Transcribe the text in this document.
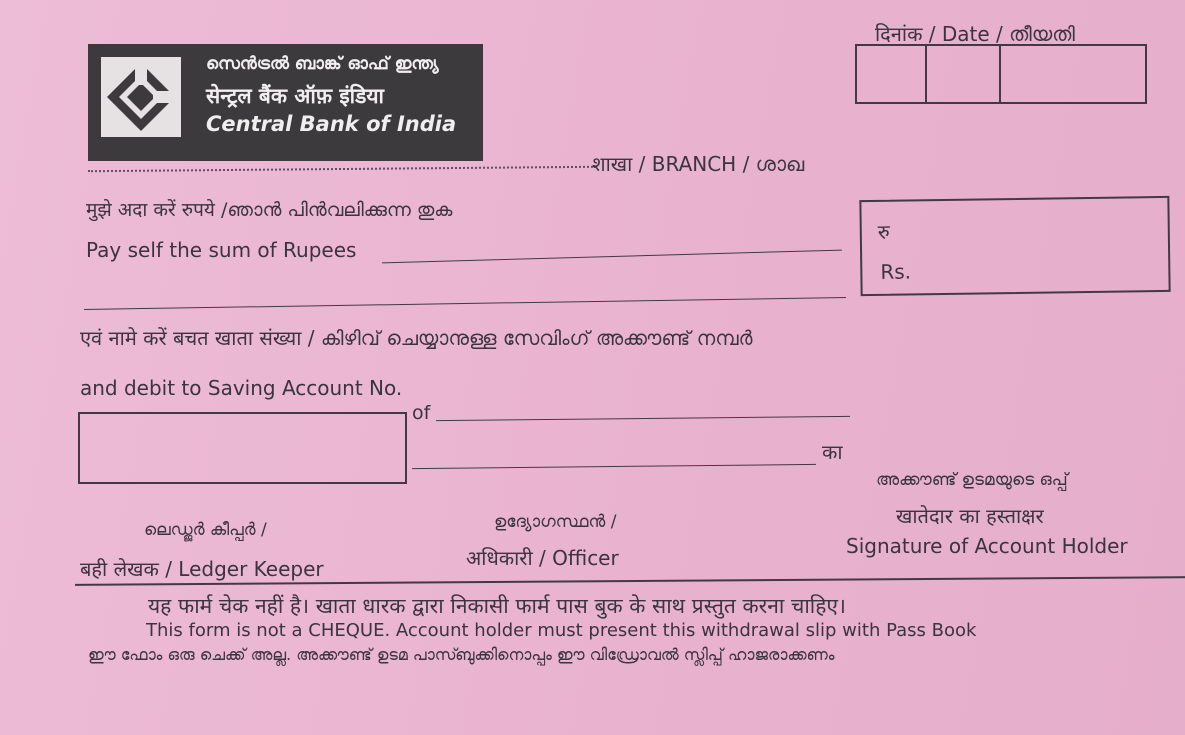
സെൻട്രൽ ബാങ്ക് ഓഫ് ഇന്ത്യ
सेन्ट्रल बैंक ऑफ़ इंडिया
Central Bank of India
दिनांक / Date / തീയതി
शाखा / BRANCH / ശാഖ
मुझे अदा करें रुपये /ഞാൻ പിൻവലിക്കുന്ന തുക
Pay self the sum of Rupees
रु
Rs.
एवं नामे करें बचत खाता संख्या / കിഴിവ് ചെയ്യാനുള്ള സേവിംഗ് അക്കൗണ്ട് നമ്പർ
and debit to Saving Account No.
of
का
ലെഡ്ജർ കീപ്പർ /
बही लेखक / Ledger Keeper
ഉദ്യോഗസ്ഥൻ /
अधिकारी / Officer
അക്കൗണ്ട് ഉടമയുടെ ഒപ്പ്
खातेदार का हस्ताक्षर
Signature of Account Holder
यह फार्म चेक नहीं है। खाता धारक द्वारा निकासी फार्म पास बुक के साथ प्रस्तुत करना चाहिए।
This form is not a CHEQUE. Account holder must present this withdrawal slip with Pass Book
ഈ ഫോം ഒരു ചെക്ക് അല്ല. അക്കൗണ്ട് ഉടമ പാസ്ബുക്കിനൊപ്പം ഈ വിഡ്രോവൽ സ്ലിപ്പ് ഹാജരാക്കണം
